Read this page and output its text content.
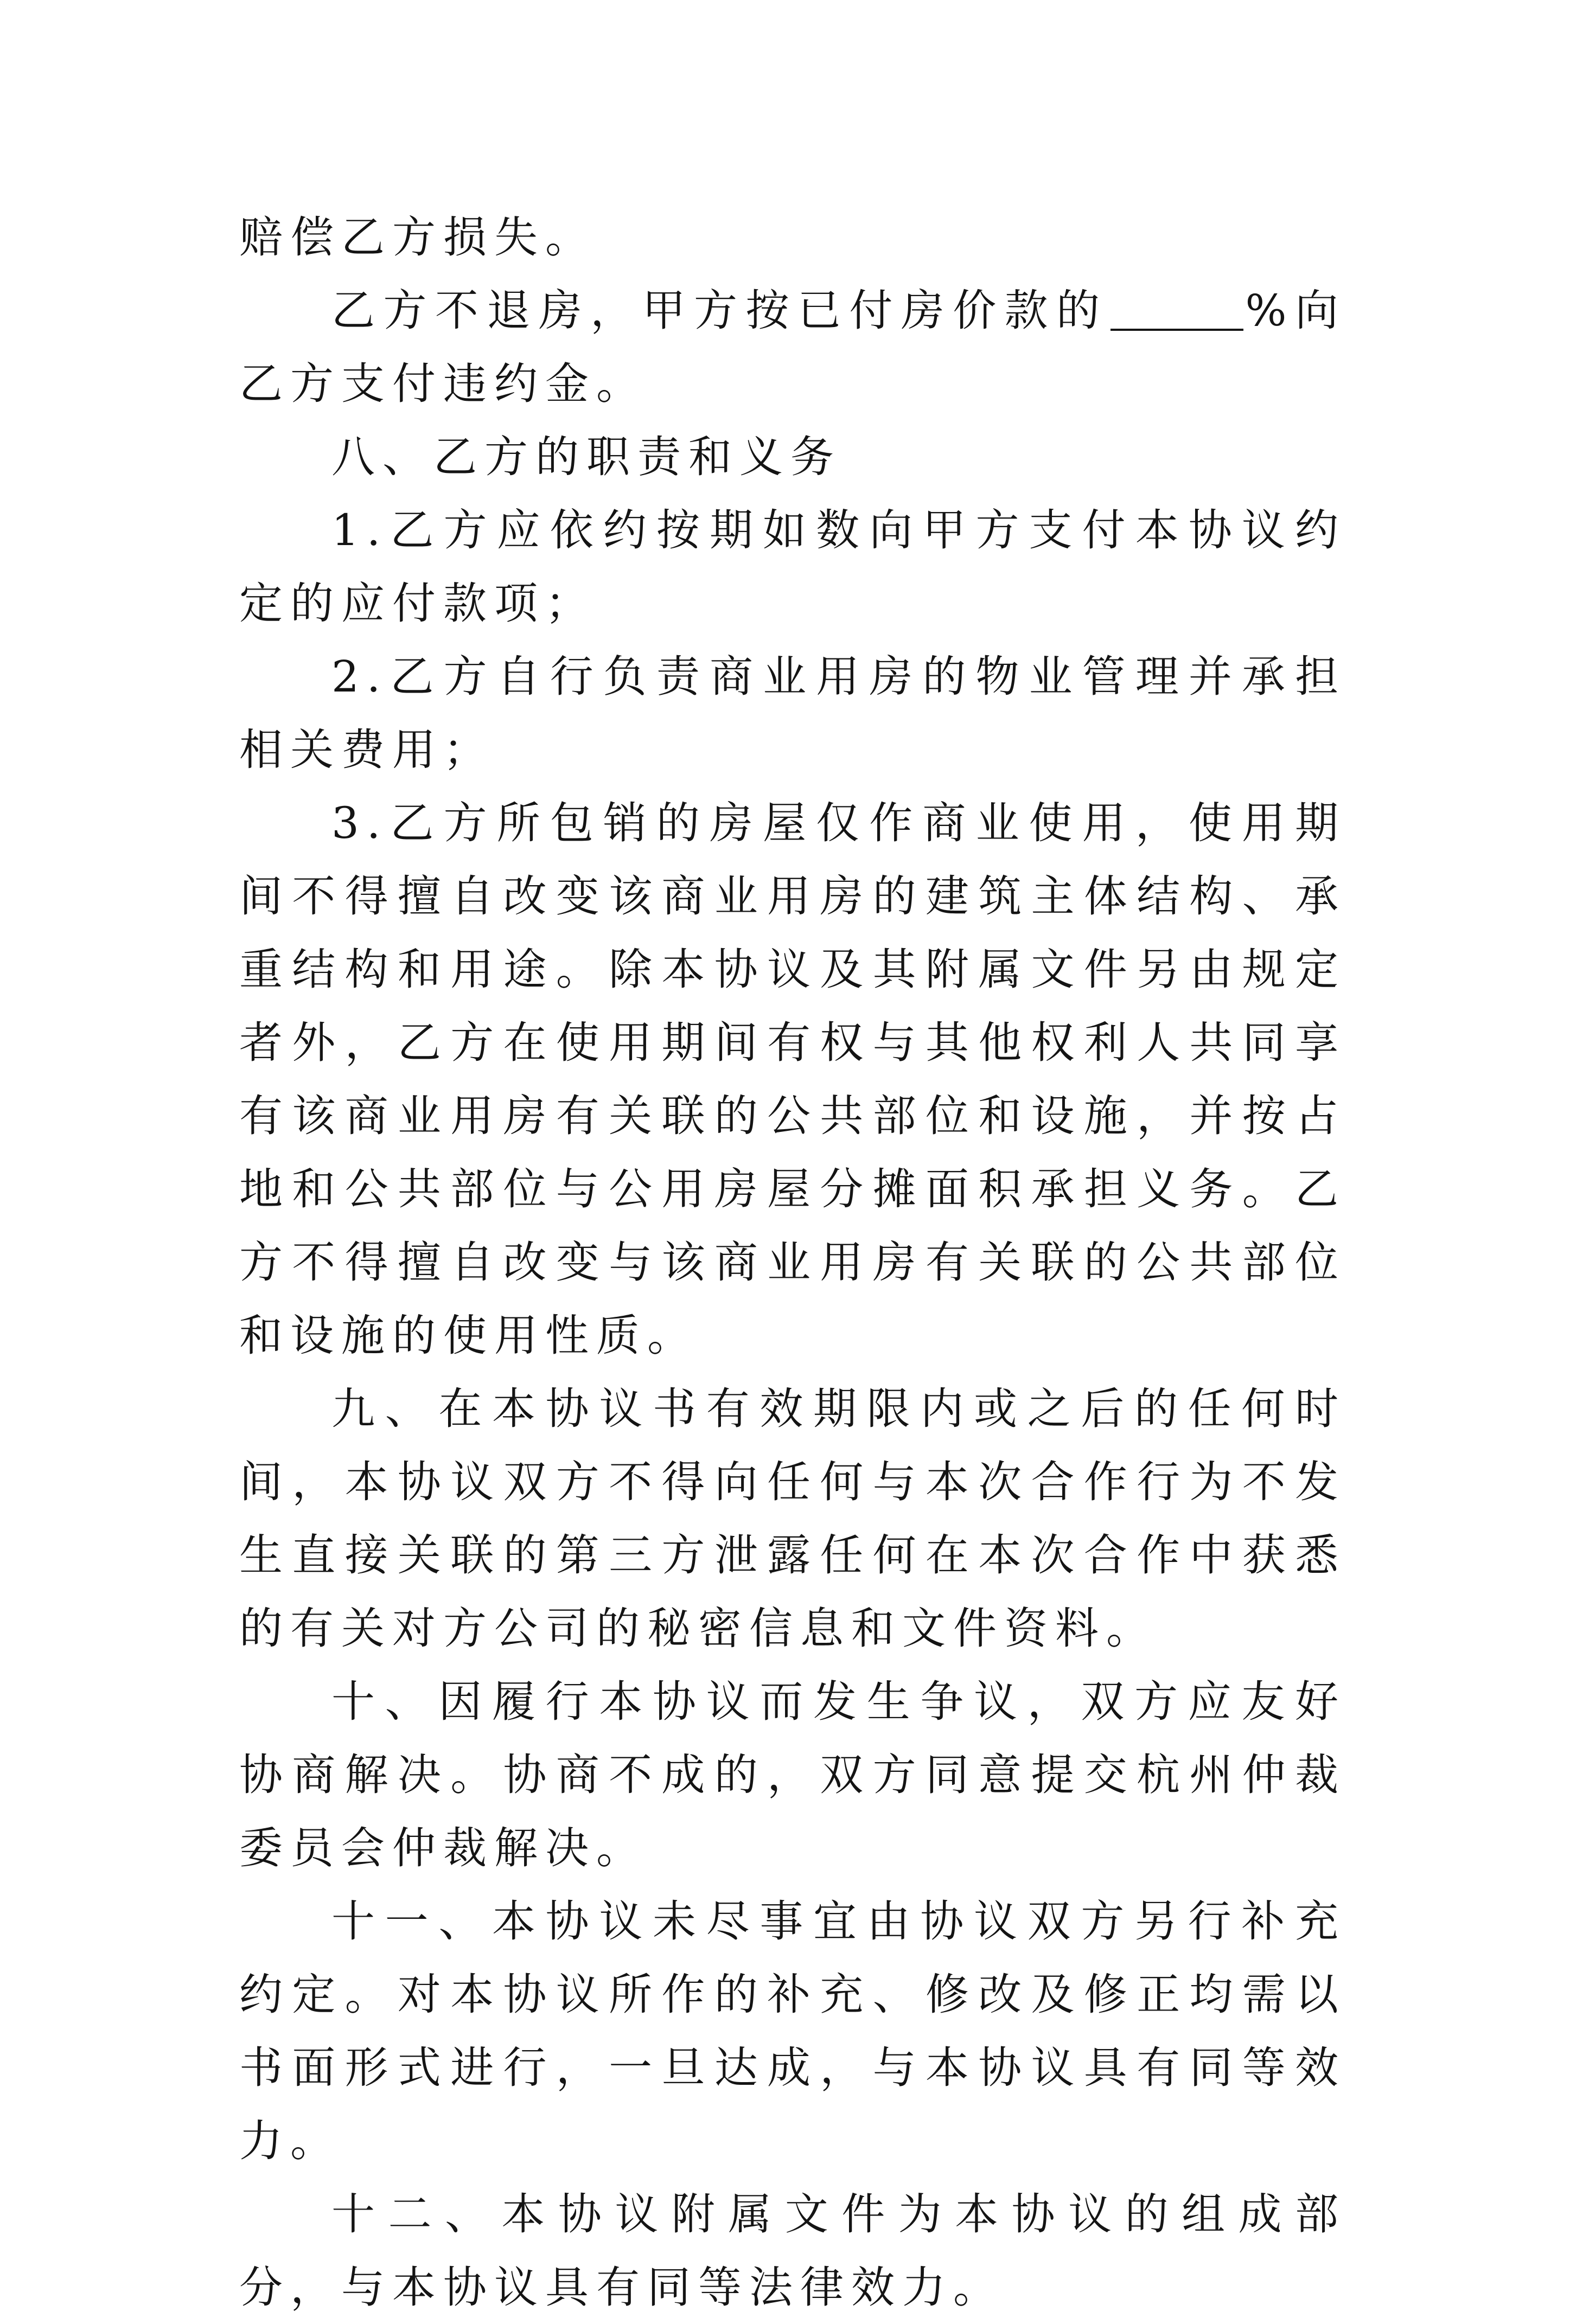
赔偿乙方损失。

乙方不退房，甲方按已付房价款的	%向乙方支付违约金。

八、乙方的职责和义务

1.乙方应依约按期如数向甲方支付本协议约定的应付款项；

2.乙方自行负责商业用房的物业管理并承担相关费用；

3.乙方所包销的房屋仅作商业使用，使用期间不得擅自改变该商业用房的建筑主体结构、承重结构和用途。除本协议及其附属文件另由规定者外，乙方在使用期间有权与其他权利人共同享有该商业用房有关联的公共部位和设施，并按占地和公共部位与公用房屋分摊面积承担义务。乙方不得擅自改变与该商业用房有关联的公共部位和设施的使用性质。

九、在本协议书有效期限内或之后的任何时间，本协议双方不得向任何与本次合作行为不发生直接关联的第三方泄露任何在本次合作中获悉的有关对方公司的秘密信息和文件资料。

十、因履行本协议而发生争议，双方应友好协商解决。协商不成的，双方同意提交杭州仲裁委员会仲裁解决。

十一、本协议未尽事宜由协议双方另行补充约定。对本协议所作的补充、修改及修正均需以书面形式进行，一旦达成，与本协议具有同等效力。

十二、本协议附属文件为本协议的组成部分，与本协议具有同等法律效力。
